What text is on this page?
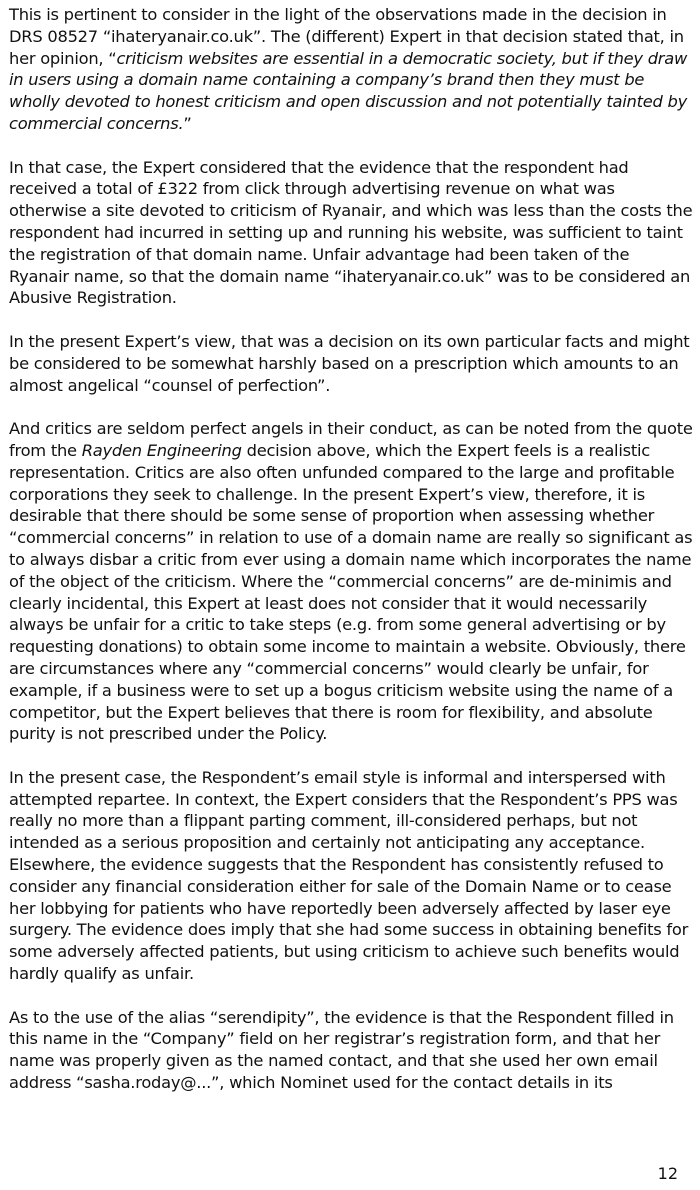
This is pertinent to consider in the light of the observations made in the decision in DRS 08527 “ihateryanair.co.uk”. The (different) Expert in that decision stated that, in her opinion, “criticism websites are essential in a democratic society, but if they draw in users using a domain name containing a company’s brand then they must be wholly devoted to honest criticism and open discussion and not potentially tainted by commercial concerns.”

In that case, the Expert considered that the evidence that the respondent had received a total of £322 from click through advertising revenue on what was otherwise a site devoted to criticism of Ryanair, and which was less than the costs the respondent had incurred in setting up and running his website, was sufficient to taint the registration of that domain name. Unfair advantage had been taken of the Ryanair name, so that the domain name “ihateryanair.co.uk” was to be considered an Abusive Registration.

In the present Expert’s view, that was a decision on its own particular facts and might be considered to be somewhat harshly based on a prescription which amounts to an almost angelical “counsel of perfection”.

And critics are seldom perfect angels in their conduct, as can be noted from the quote from the Rayden Engineering decision above, which the Expert feels is a realistic representation. Critics are also often unfunded compared to the large and profitable corporations they seek to challenge. In the present Expert’s view, therefore, it is desirable that there should be some sense of proportion when assessing whether “commercial concerns” in relation to use of a domain name are really so significant as to always disbar a critic from ever using a domain name which incorporates the name of the object of the criticism. Where the “commercial concerns” are de-minimis and clearly incidental, this Expert at least does not consider that it would necessarily always be unfair for a critic to take steps (e.g. from some general advertising or by requesting donations) to obtain some income to maintain a website. Obviously, there are circumstances where any “commercial concerns” would clearly be unfair, for example, if a business were to set up a bogus criticism website using the name of a competitor, but the Expert believes that there is room for flexibility, and absolute purity is not prescribed under the Policy.

In the present case, the Respondent’s email style is informal and interspersed with attempted repartee. In context, the Expert considers that the Respondent’s PPS was really no more than a flippant parting comment, ill-considered perhaps, but not intended as a serious proposition and certainly not anticipating any acceptance. Elsewhere, the evidence suggests that the Respondent has consistently refused to consider any financial consideration either for sale of the Domain Name or to cease her lobbying for patients who have reportedly been adversely affected by laser eye surgery. The evidence does imply that she had some success in obtaining benefits for some adversely affected patients, but using criticism to achieve such benefits would hardly qualify as unfair.

As to the use of the alias “serendipity”, the evidence is that the Respondent filled in this name in the “Company” field on her registrar’s registration form, and that her name was properly given as the named contact, and that she used her own email address “sasha.roday@...”, which Nominet used for the contact details in its

12
